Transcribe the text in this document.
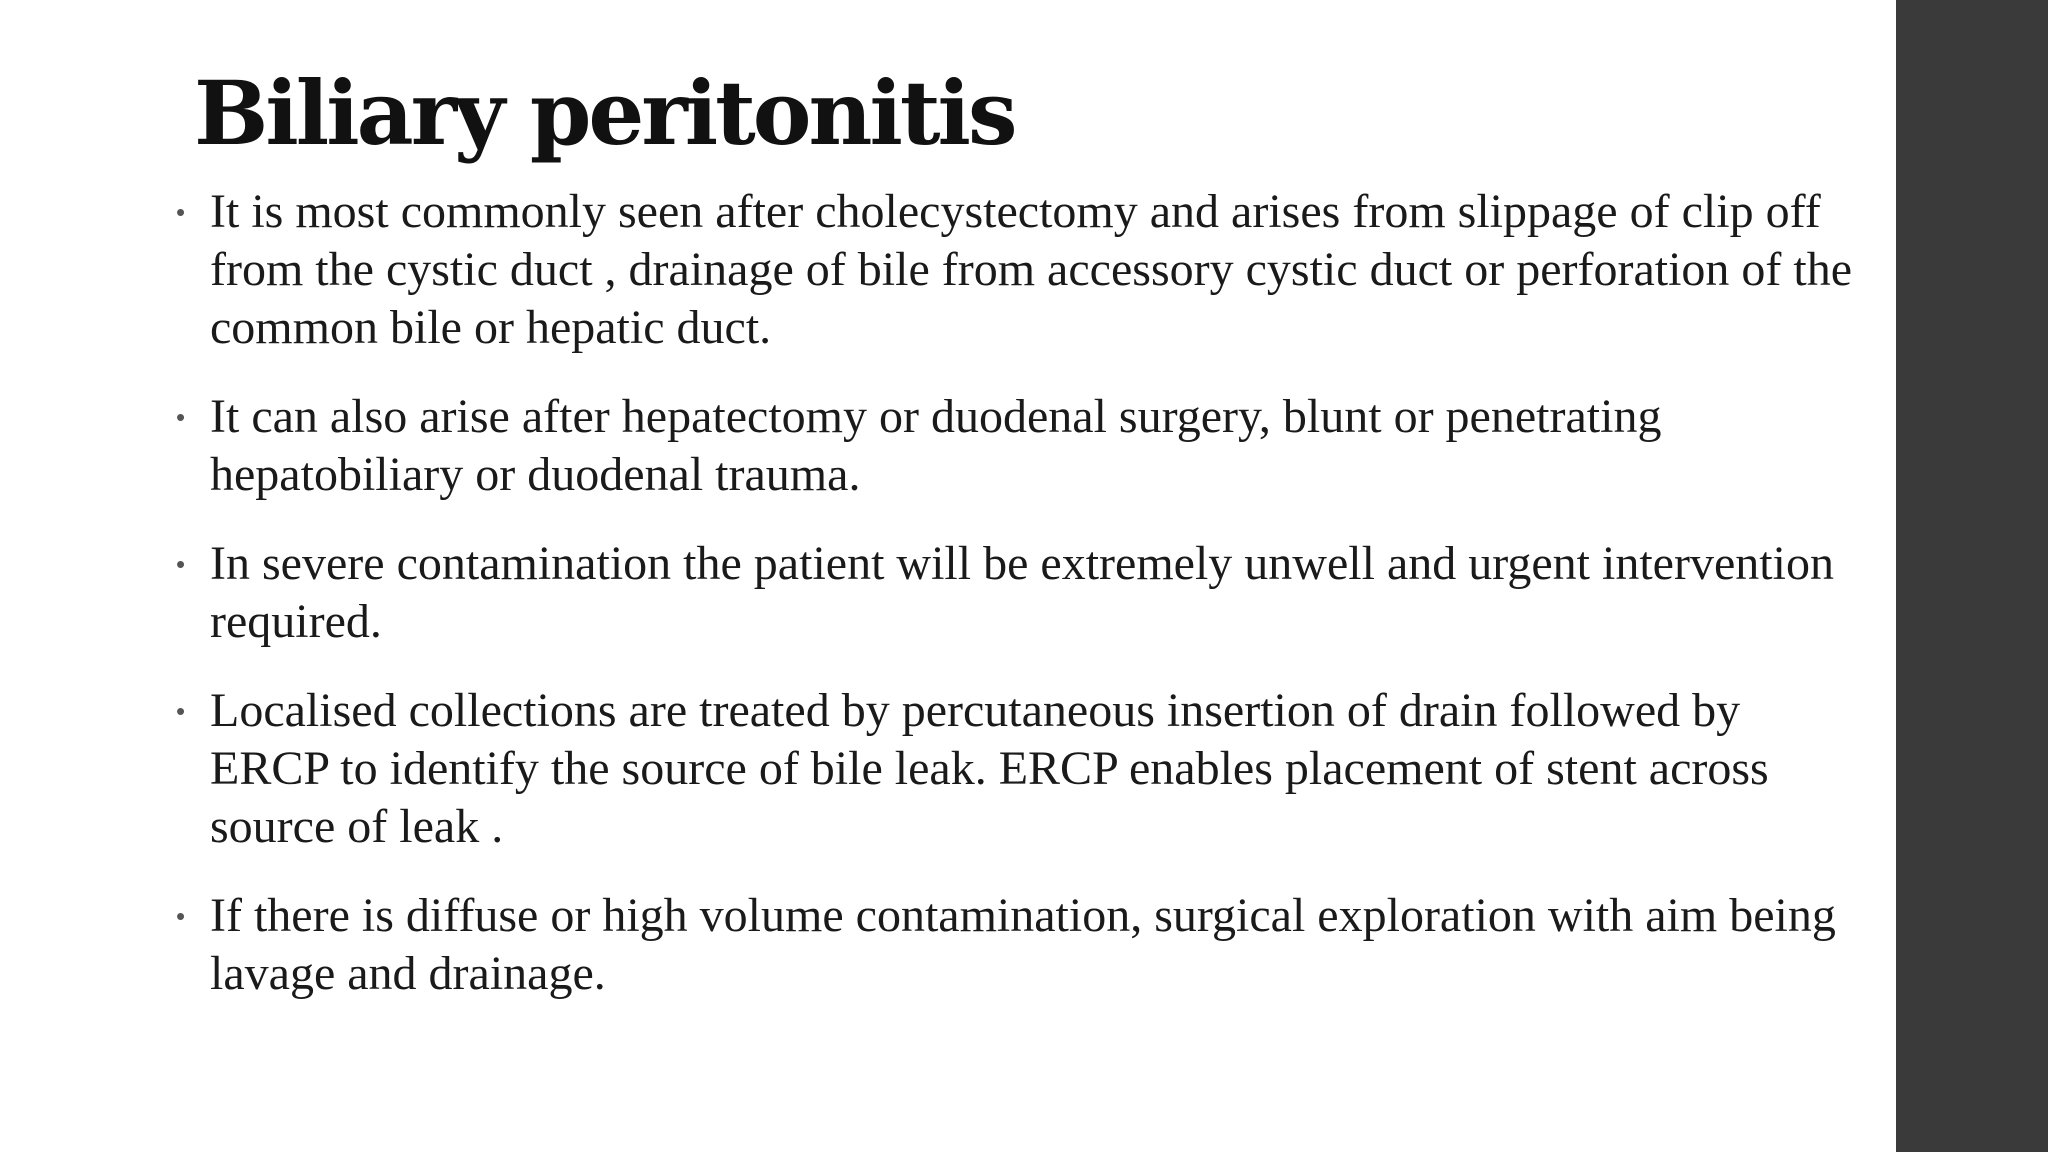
Biliary peritonitis
• It is most commonly seen after cholecystectomy and arises from slippage of clip off from the cystic duct , drainage of bile from accessory cystic duct or perforation of the common bile or hepatic duct.
• It can also arise after hepatectomy or duodenal surgery, blunt or penetrating hepatobiliary or duodenal trauma.
• In severe contamination the patient will be extremely unwell and urgent intervention required.
• Localised collections are treated by percutaneous insertion of drain followed by ERCP to identify the source of bile leak. ERCP enables placement of stent across source of leak .
• If there is diffuse or high volume contamination, surgical exploration with aim being lavage and drainage.
